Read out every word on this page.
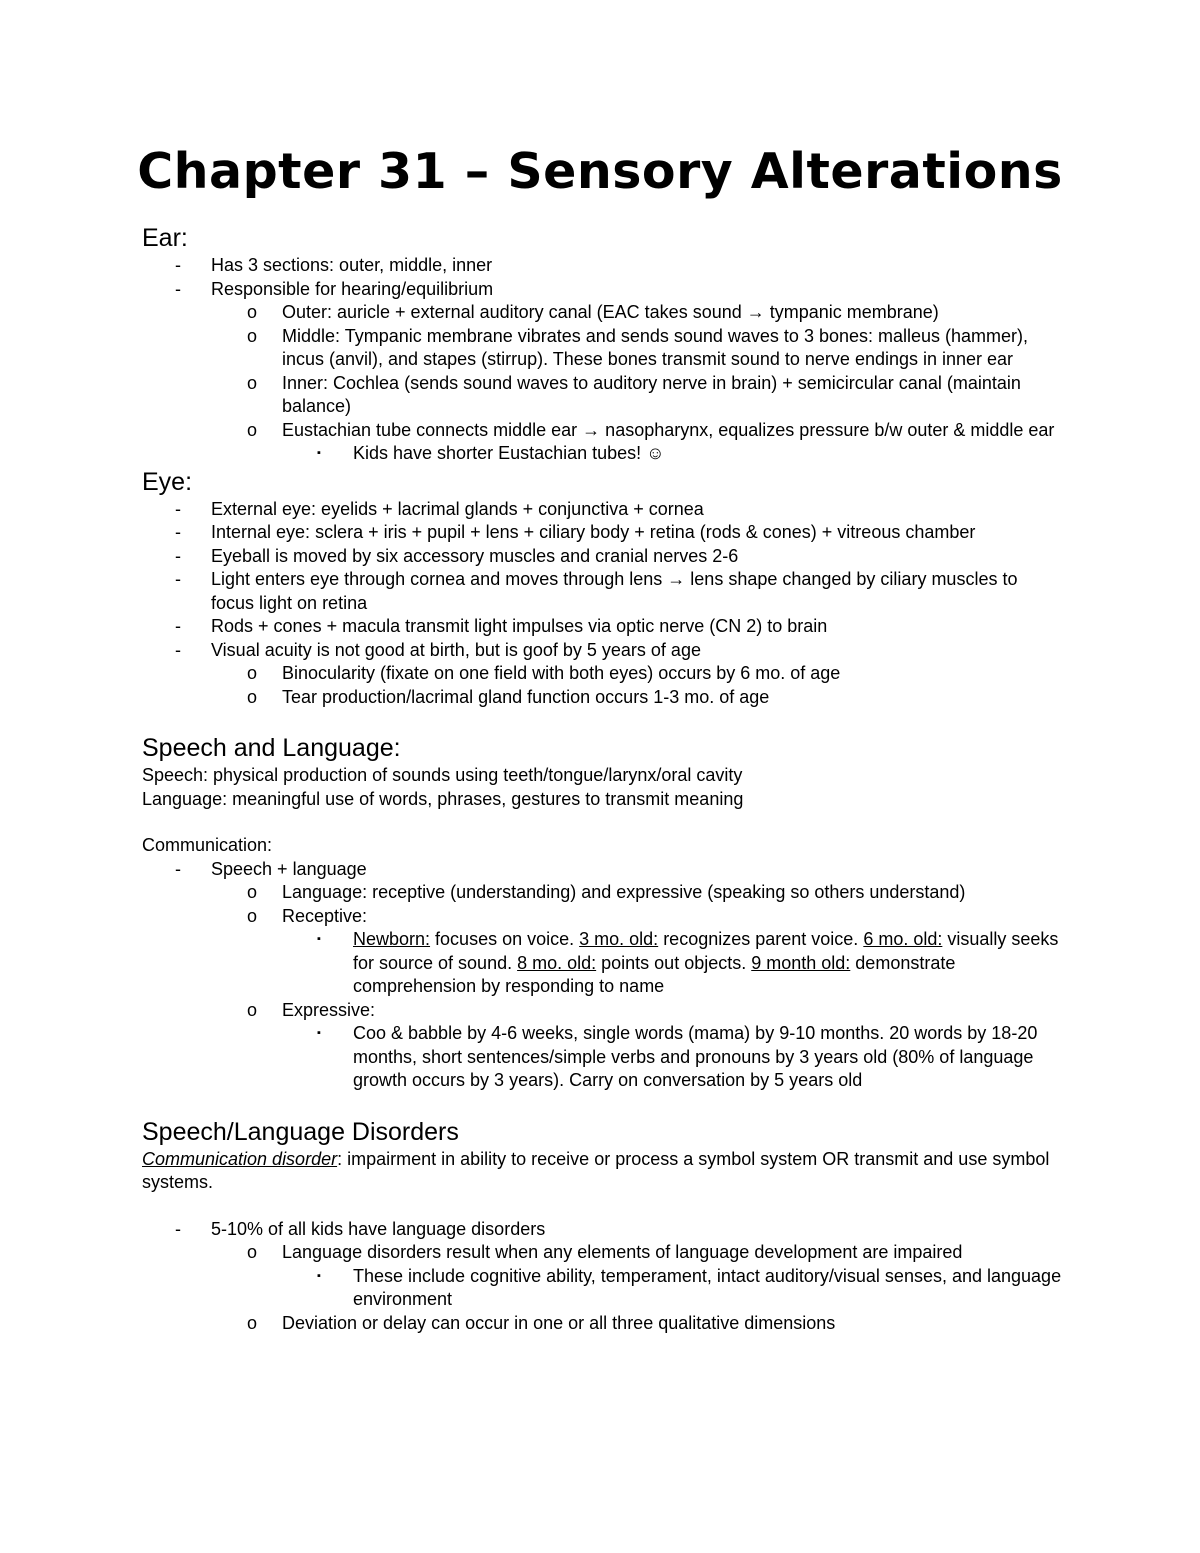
Chapter 31 – Sensory Alterations
Ear:
- Has 3 sections: outer, middle, inner
- Responsible for hearing/equilibrium
o Outer: auricle + external auditory canal (EAC takes sound → tympanic membrane)
o Middle: Tympanic membrane vibrates and sends sound waves to 3 bones: malleus (hammer), incus (anvil), and stapes (stirrup). These bones transmit sound to nerve endings in inner ear
o Inner: Cochlea (sends sound waves to auditory nerve in brain) + semicircular canal (maintain balance)
o Eustachian tube connects middle ear → nasopharynx, equalizes pressure b/w outer & middle ear
▪ Kids have shorter Eustachian tubes! ☺
Eye:
- External eye: eyelids + lacrimal glands + conjunctiva + cornea
- Internal eye: sclera + iris + pupil + lens + ciliary body + retina (rods & cones) + vitreous chamber
- Eyeball is moved by six accessory muscles and cranial nerves 2-6
- Light enters eye through cornea and moves through lens → lens shape changed by ciliary muscles to focus light on retina
- Rods + cones + macula transmit light impulses via optic nerve (CN 2) to brain
- Visual acuity is not good at birth, but is goof by 5 years of age
o Binocularity (fixate on one field with both eyes) occurs by 6 mo. of age
o Tear production/lacrimal gland function occurs 1-3 mo. of age
Speech and Language:

Speech: physical production of sounds using teeth/tongue/larynx/oral cavity

Language: meaningful use of words, phrases, gestures to transmit meaning

Communication:

- Speech + language
o Language: receptive (understanding) and expressive (speaking so others understand)
o Receptive:
▪ Newborn: focuses on voice. 3 mo. old: recognizes parent voice. 6 mo. old: visually seeks for source of sound. 8 mo. old: points out objects. 9 month old: demonstrate comprehension by responding to name
o Expressive:
▪ Coo & babble by 4-6 weeks, single words (mama) by 9-10 months. 20 words by 18-20 months, short sentences/simple verbs and pronouns by 3 years old (80% of language growth occurs by 3 years). Carry on conversation by 5 years old
Speech/Language Disorders

Communication disorder: impairment in ability to receive or process a symbol system OR transmit and use symbol systems.

- 5-10% of all kids have language disorders
o Language disorders result when any elements of language development are impaired
▪ These include cognitive ability, temperament, intact auditory/visual senses, and language environment
o Deviation or delay can occur in one or all three qualitative dimensions
